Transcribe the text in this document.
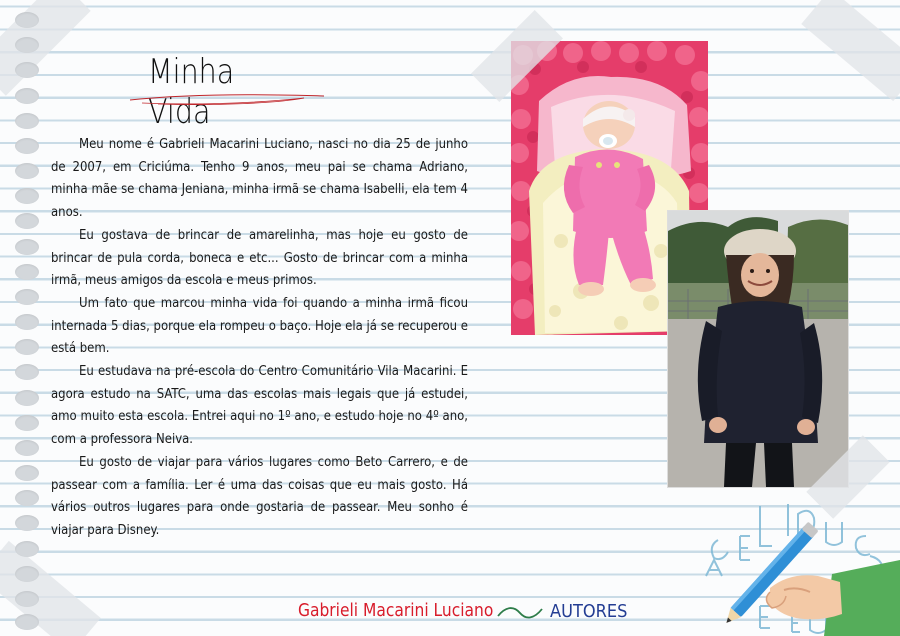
Minha Vida

Meu nome é Gabrieli Macarini Luciano, nasci no dia 25 de junho de 2007, em Criciúma. Tenho 9 anos, meu pai se chama Adriano, minha mãe se chama Jeniana, minha irmã se chama Isabelli, ela tem 4 anos.

Eu gostava de brincar de amarelinha, mas hoje eu gosto de brincar de pula corda, boneca e etc... Gosto de brincar com a minha irmã, meus amigos da escola e meus primos.

Um fato que marcou minha vida foi quando a minha irmã ficou internada 5 dias, porque ela rompeu o baço. Hoje ela já se recuperou e está bem.

Eu estudava na pré-escola do Centro Comunitário Vila Macarini. E agora estudo na SATC, uma das escolas mais legais que já estudei, amo muito esta escola. Entrei aqui no 1º ano, e estudo hoje no 4º ano, com a professora Neiva.

Eu gosto de viajar para vários lugares como Beto Carrero, e de passear com a família. Ler é uma das coisas que eu mais gosto. Há vários outros lugares para onde gostaria de passear. Meu sonho é viajar para Disney.

Gabrieli Macarini Luciano	AUTORES
